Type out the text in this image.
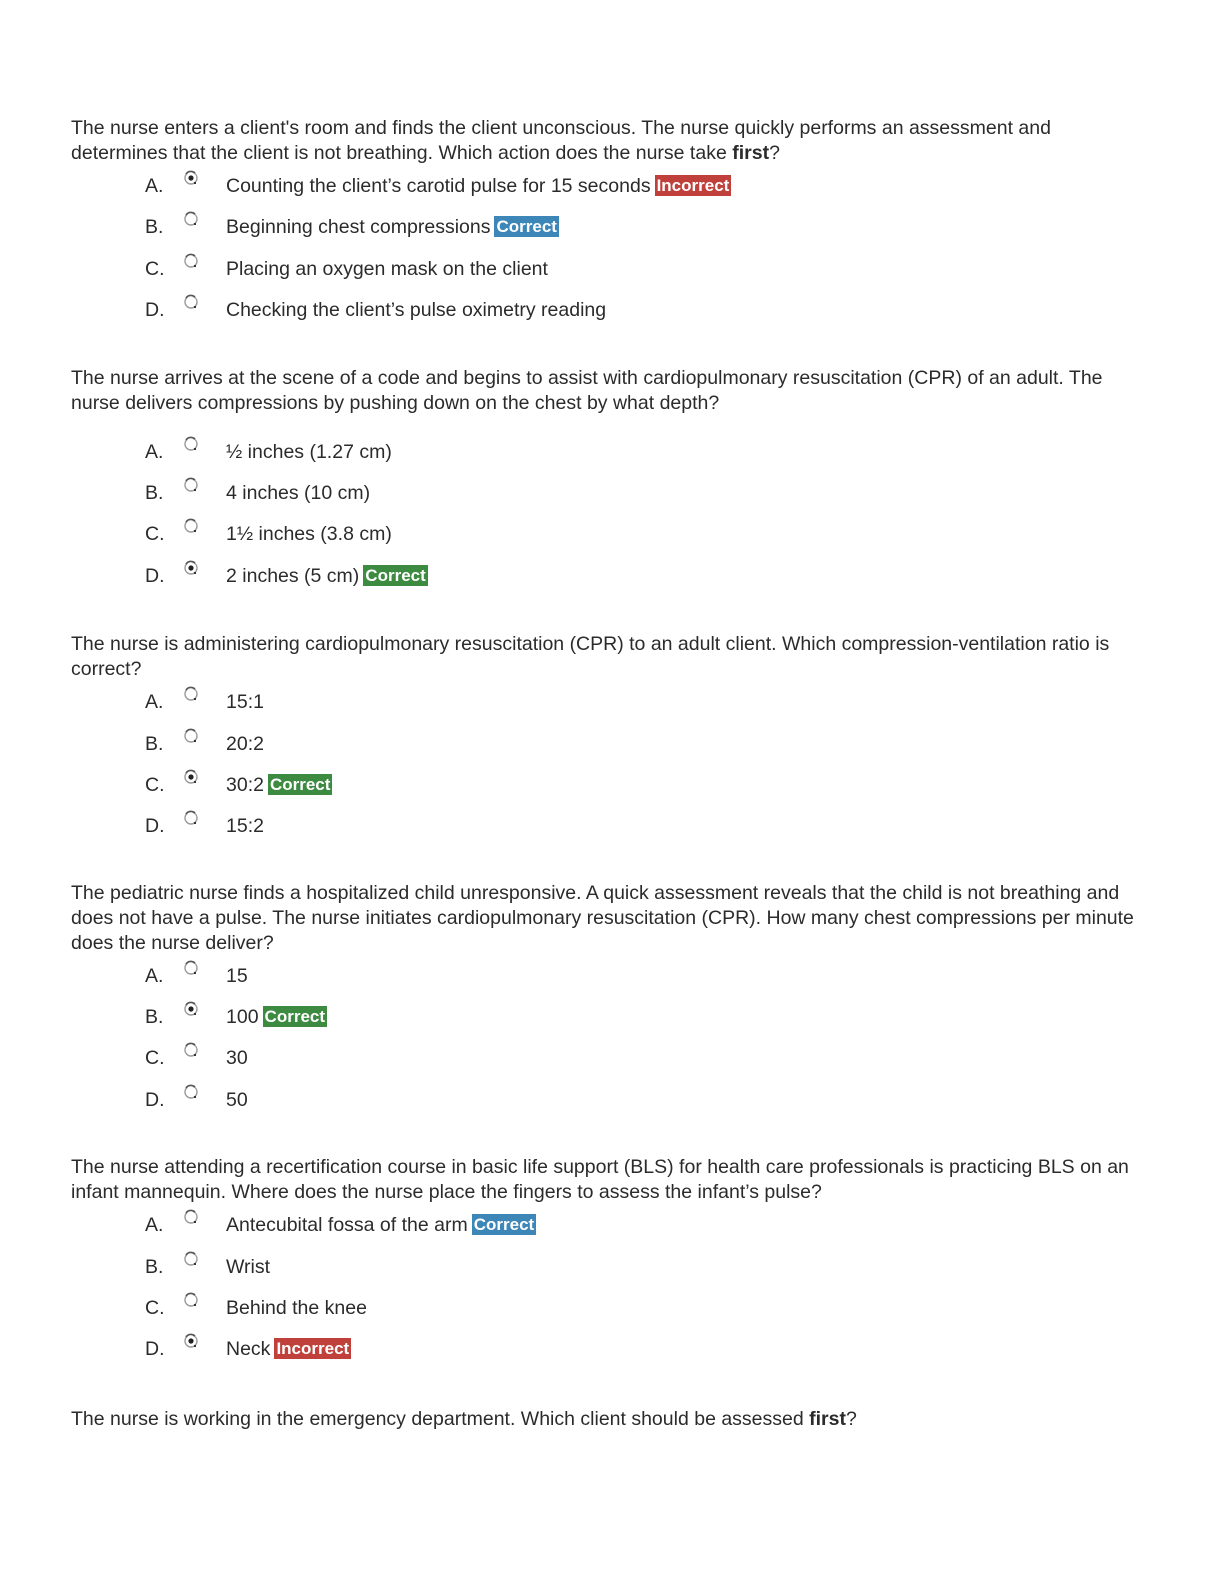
The nurse enters a client's room and finds the client unconscious. The nurse quickly performs an assessment and determines that the client is not breathing. Which action does the nurse take first?

A.	Counting the client’s carotid pulse for 15 seconds Incorrect
B.	Beginning chest compressions Correct
C.	Placing an oxygen mask on the client
D.	Checking the client’s pulse oximetry reading

The nurse arrives at the scene of a code and begins to assist with cardiopulmonary resuscitation (CPR) of an adult. The nurse delivers compressions by pushing down on the chest by what depth?

A.	½ inches (1.27 cm)
B.	4 inches (10 cm)
C.	1½ inches (3.8 cm)
D.	2 inches (5 cm) Correct

The nurse is administering cardiopulmonary resuscitation (CPR) to an adult client. Which compression-ventilation ratio is correct?

A.	15:1
B.	20:2
C.	30:2 Correct
D.	15:2

The pediatric nurse finds a hospitalized child unresponsive. A quick assessment reveals that the child is not breathing and does not have a pulse. The nurse initiates cardiopulmonary resuscitation (CPR). How many chest compressions per minute does the nurse deliver?

A.	15
B.	100 Correct
C.	30
D.	50

The nurse attending a recertification course in basic life support (BLS) for health care professionals is practicing BLS on an infant mannequin. Where does the nurse place the fingers to assess the infant’s pulse?

A.	Antecubital fossa of the arm Correct
B.	Wrist
C.	Behind the knee
D.	Neck Incorrect

The nurse is working in the emergency department. Which client should be assessed first?
